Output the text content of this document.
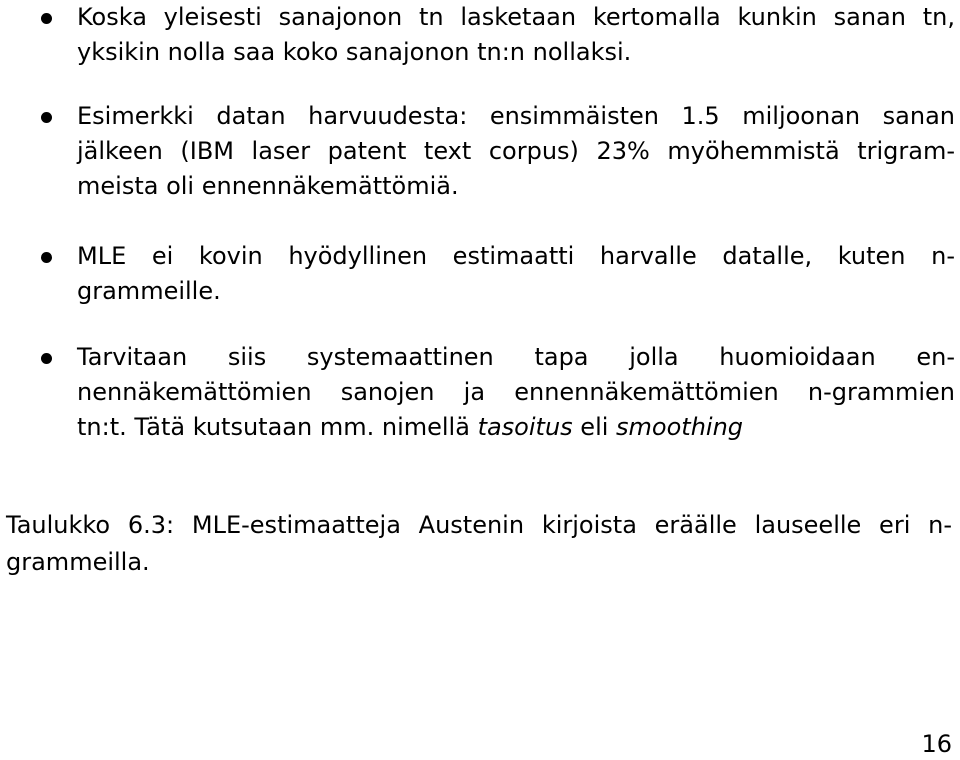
Koska yleisesti sanajonon tn lasketaan kertomalla kunkin sanan tn,
yksikin nolla saa koko sanajonon tn:n nollaksi.
Esimerkki datan harvuudesta: ensimmäisten 1.5 miljoonan sanan
jälkeen (IBM laser patent text corpus) 23% myöhemmistä trigram-
meista oli ennennäkemättömiä.
MLE ei kovin hyödyllinen estimaatti harvalle datalle, kuten n-
grammeille.
Tarvitaan siis systemaattinen tapa jolla huomioidaan en-
nennäkemättömien sanojen ja ennennäkemättömien n-grammien
tn:t. Tätä kutsutaan mm. nimellä tasoitus eli smoothing
Taulukko 6.3: MLE-estimaatteja Austenin kirjoista eräälle lauseelle eri n-
grammeilla.
16
